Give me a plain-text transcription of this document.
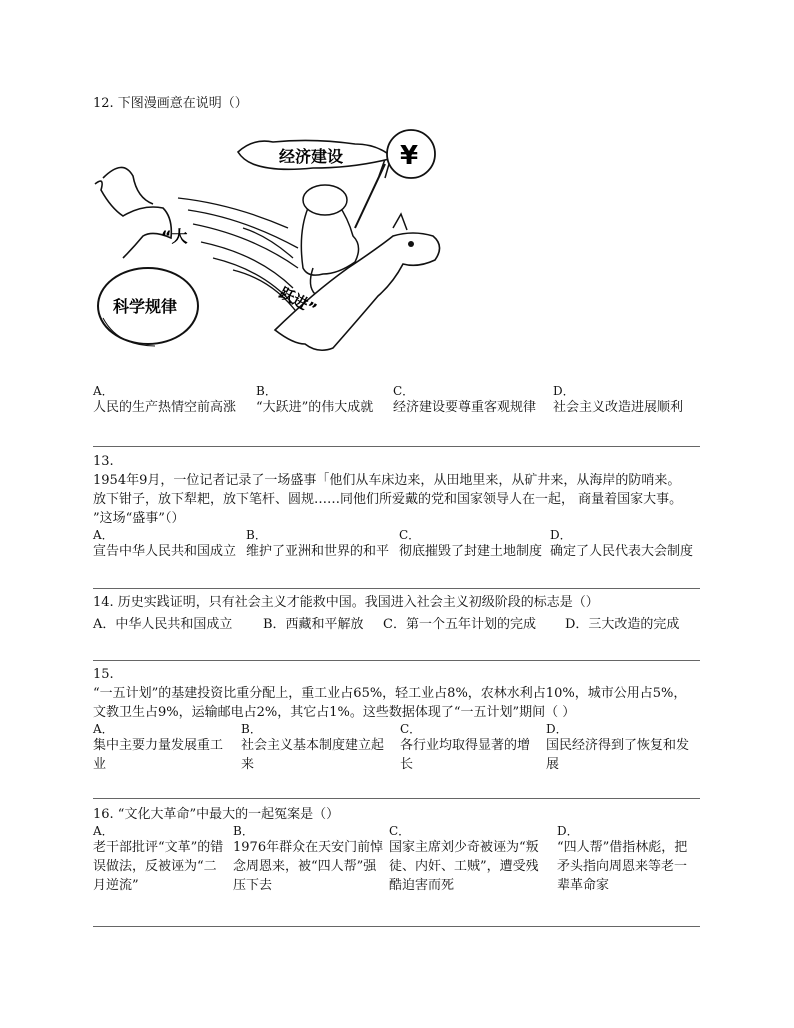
12. 下图漫画意在说明（）

“大
科学规律	跃进”
经济建设 ¥
A．
人民的生产热情空前高涨
B．
“大跃进”的伟大成就
C．
经济建设要尊重客观规律
D．
社会主义改造进展顺利

13.

1954年9月，一位记者记录了一场盛事「他们从车床边来，从田地里来，从矿井来，从海岸的防哨来。

放下钳子，放下犁耙，放下笔杆、圆规……同他们所爱戴的党和国家领导人在一起， 商量着国家大事。

”这场“盛事”（）

A．
宣告中华人民共和国成立
B．
维护了亚洲和世界的和平
C．
彻底摧毁了封建土地制度
D．
确定了人民代表大会制度

14. 历史实践证明，只有社会主义才能救中国。我国进入社会主义初级阶段的标志是（）

A．中华人民共和国成立 B．西藏和平解放 C．第一个五年计划的完成 D．三大改造的完成

15.

“一五计划”的基建投资比重分配上，重工业占65%，轻工业占8%，农林水利占10%，城市公用占5%，

文教卫生占9%，运输邮电占2%，其它占1%。这些数据体现了“一五计划”期间（ ）

A．
集中主要力量发展重工
业
B．
社会主义基本制度建立起
来
C．
各行业均取得显著的增
长
D．
国民经济得到了恢复和发
展

16. “文化大革命”中最大的一起冤案是（）

A．
老干部批评“文革”的错
误做法，反被诬为“二
月逆流”
B．
1976年群众在天安门前悼
念周恩来，被“四人帮”强
压下去
C．
国家主席刘少奇被诬为“叛
徒、内奸、工贼”，遭受残
酷迫害而死
D．
“四人帮”借指林彪，把
矛头指向周恩来等老一
辈革命家
